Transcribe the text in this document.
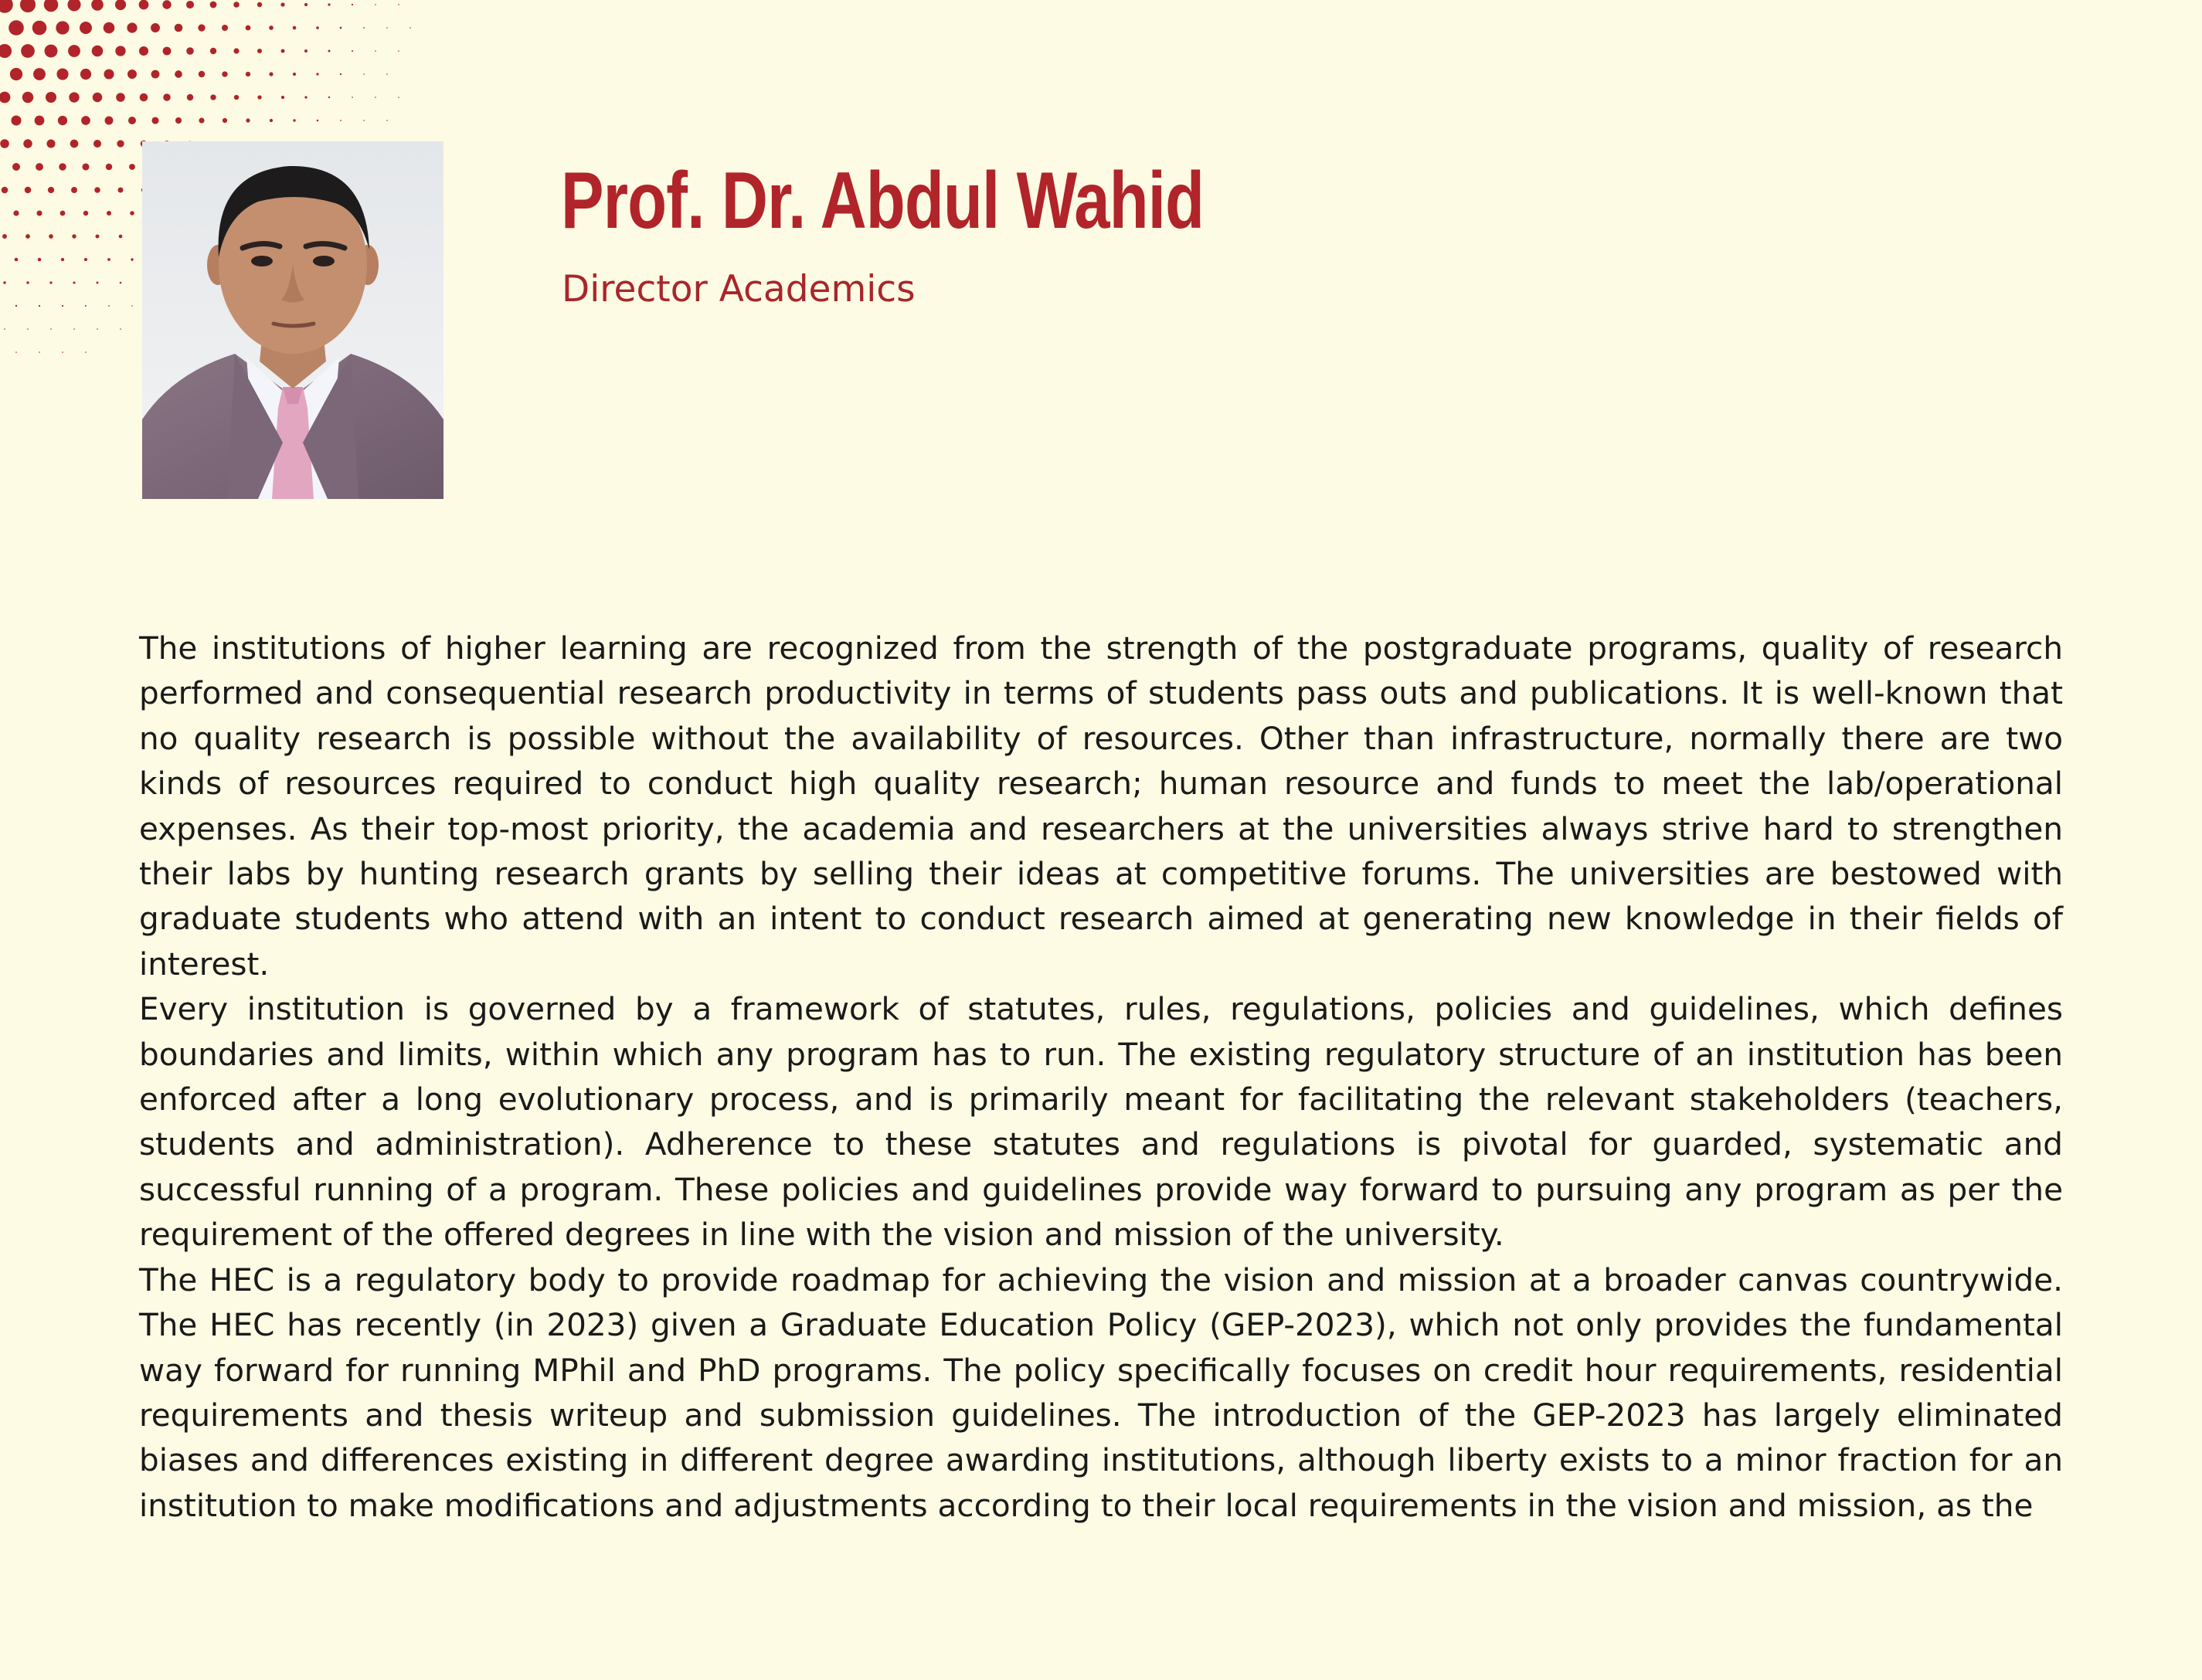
Prof. Dr. Abdul Wahid

Director Academics

The institutions of higher learning are recognized from the strength of the postgraduate programs, quality of research performed and consequential research productivity in terms of students pass outs and publications. It is well-known that no quality research is possible without the availability of resources. Other than infrastructure, normally there are two kinds of resources required to conduct high quality research; human resource and funds to meet the lab/operational expenses. As their top-most priority, the academia and researchers at the universities always strive hard to strengthen their labs by hunting research grants by selling their ideas at competitive forums. The universities are bestowed with graduate students who attend with an intent to conduct research aimed at generating new knowledge in their fields of interest.

Every institution is governed by a framework of statutes, rules, regulations, policies and guidelines, which defines boundaries and limits, within which any program has to run. The existing regulatory structure of an institution has been enforced after a long evolutionary process, and is primarily meant for facilitating the relevant stakeholders (teachers, students and administration). Adherence to these statutes and regulations is pivotal for guarded, systematic and successful running of a program. These policies and guidelines provide way forward to pursuing any program as per the requirement of the offered degrees in line with the vision and mission of the university.

The HEC is a regulatory body to provide roadmap for achieving the vision and mission at a broader canvas countrywide. The HEC has recently (in 2023) given a Graduate Education Policy (GEP-2023), which not only provides the fundamental way forward for running MPhil and PhD programs. The policy specifically focuses on credit hour requirements, residential requirements and thesis writeup and submission guidelines. The introduction of the GEP-2023 has largely eliminated biases and differences existing in different degree awarding institutions, although liberty exists to a minor fraction for an institution to make modifications and adjustments according to their local requirements in the vision and mission, as the
